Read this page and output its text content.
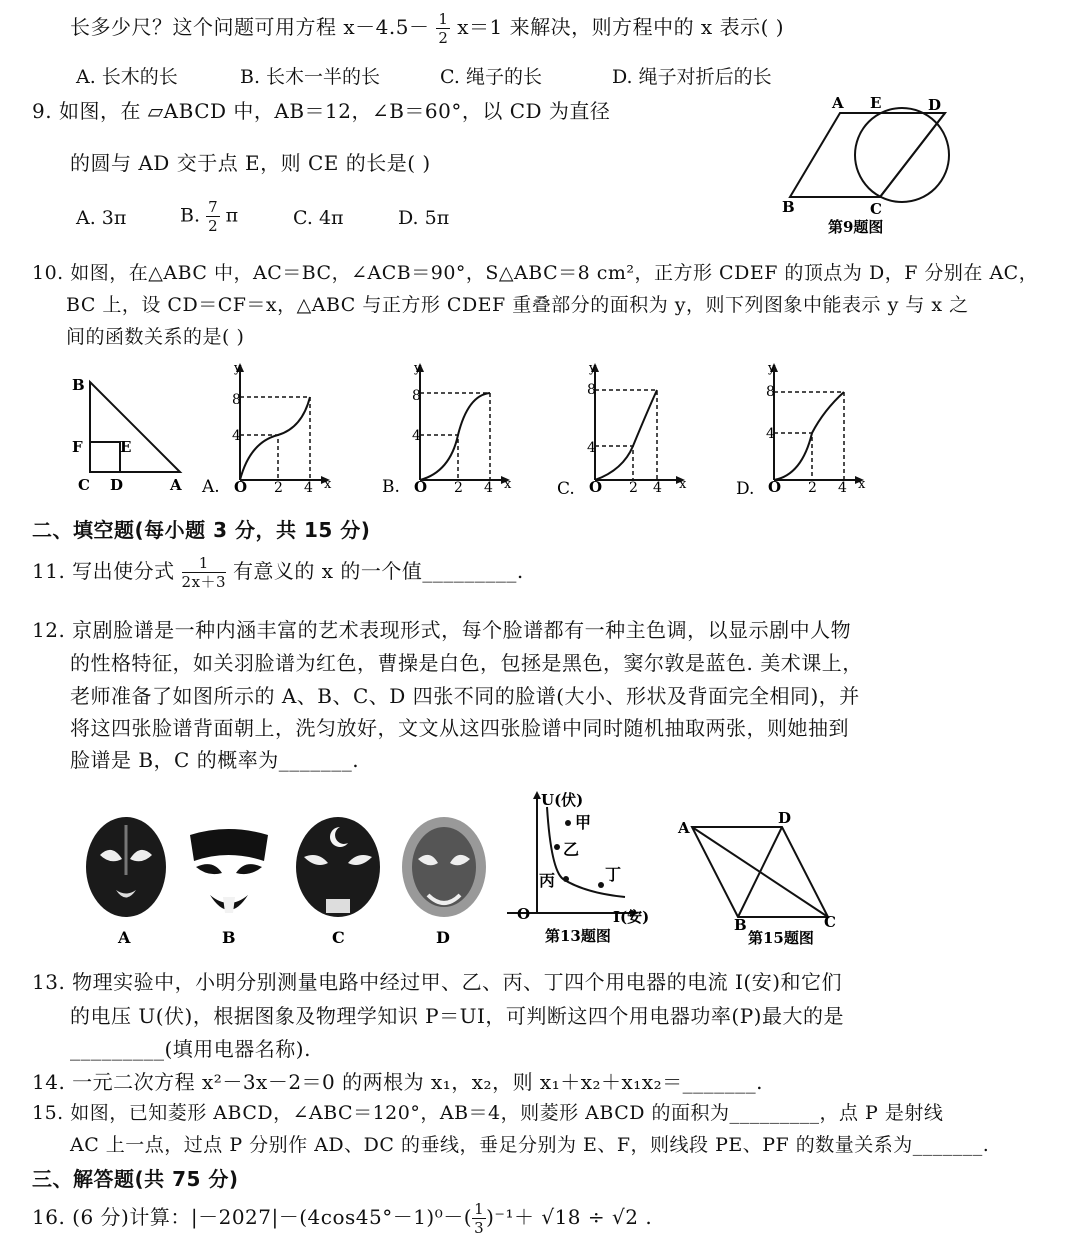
长多少尺？这个问题可用方程 $x-4.5- \frac{1}{2} x=1$ 来解决，则方程中的 x 表示( )
A. 长木的长	B. 长木一半的长	C. 绳子的长	D. 绳子对折后的长
9. 如图，在 ▱ABCD 中，AB＝12，∠B＝60°，以 CD 为直径
的圆与 AD 交于点 E，则 CE 的长是( )
A. 3π	B. $\frac{7}{2}$ π	C. 4π	D. 5π
A E	D
B	C
第9题图
10. 如图，在△ABC 中，AC＝BC，∠ACB＝90°，S△ABC＝8 cm²，正方形 CDEF 的顶点为 D，F 分别在 AC，
BC 上，设 CD＝CF＝x，△ABC 与正方形 CDEF 重叠部分的面积为 y，则下列图象中能表示 y 与 x 之
间的函数关系的是( )
B
F E
C D	A A.
y
x
O 2 4
8
4
B.
y
x
O 2 4
8
4
C.
y
x
O 2 4
8
4
D.
y
x
O 2 4
8
4
二、填空题(每小题 3 分，共 15 分)
11. 写出使分式 $\frac{1}{2x+3}$ 有意义的 x 的一个值_________.
12. 京剧脸谱是一种内涵丰富的艺术表现形式，每个脸谱都有一种主色调，以显示剧中人物
的性格特征，如关羽脸谱为红色，曹操是白色，包拯是黑色，窦尔敦是蓝色. 美术课上，
老师准备了如图所示的 A、B、C、D 四张不同的脸谱(大小、形状及背面完全相同)，并
将这四张脸谱背面朝上，洗匀放好，文文从这四张脸谱中同时随机抽取两张，则她抽到
脸谱是 B，C 的概率为_______.
A	B	C	D
U(伏)
I(安)
O
甲
乙
丙	丁
第13题图
A
D
B	C
第15题图
13. 物理实验中，小明分别测量电路中经过甲、乙、丙、丁四个用电器的电流 I(安)和它们
的电压 U(伏)，根据图象及物理学知识 P＝UI，可判断这四个用电器功率(P)最大的是
_________(填用电器名称).
14. 一元二次方程 x²－3x－2＝0 的两根为 x₁，x₂，则 x₁＋x₂＋x₁x₂＝_______.
15. 如图，已知菱形 ABCD，∠ABC＝120°，AB＝4，则菱形 ABCD 的面积为_________，点 P 是射线
AC 上一点，过点 P 分别作 AD、DC 的垂线，垂足分别为 E、F，则线段 PE、PF 的数量关系为_______.
三、解答题(共 75 分)
16. (6 分)计算：$|-2027|-(4\cos 45^\circ-1)^0-( \frac{1}{3} )^{-1}+ √18 \div √2$ .
